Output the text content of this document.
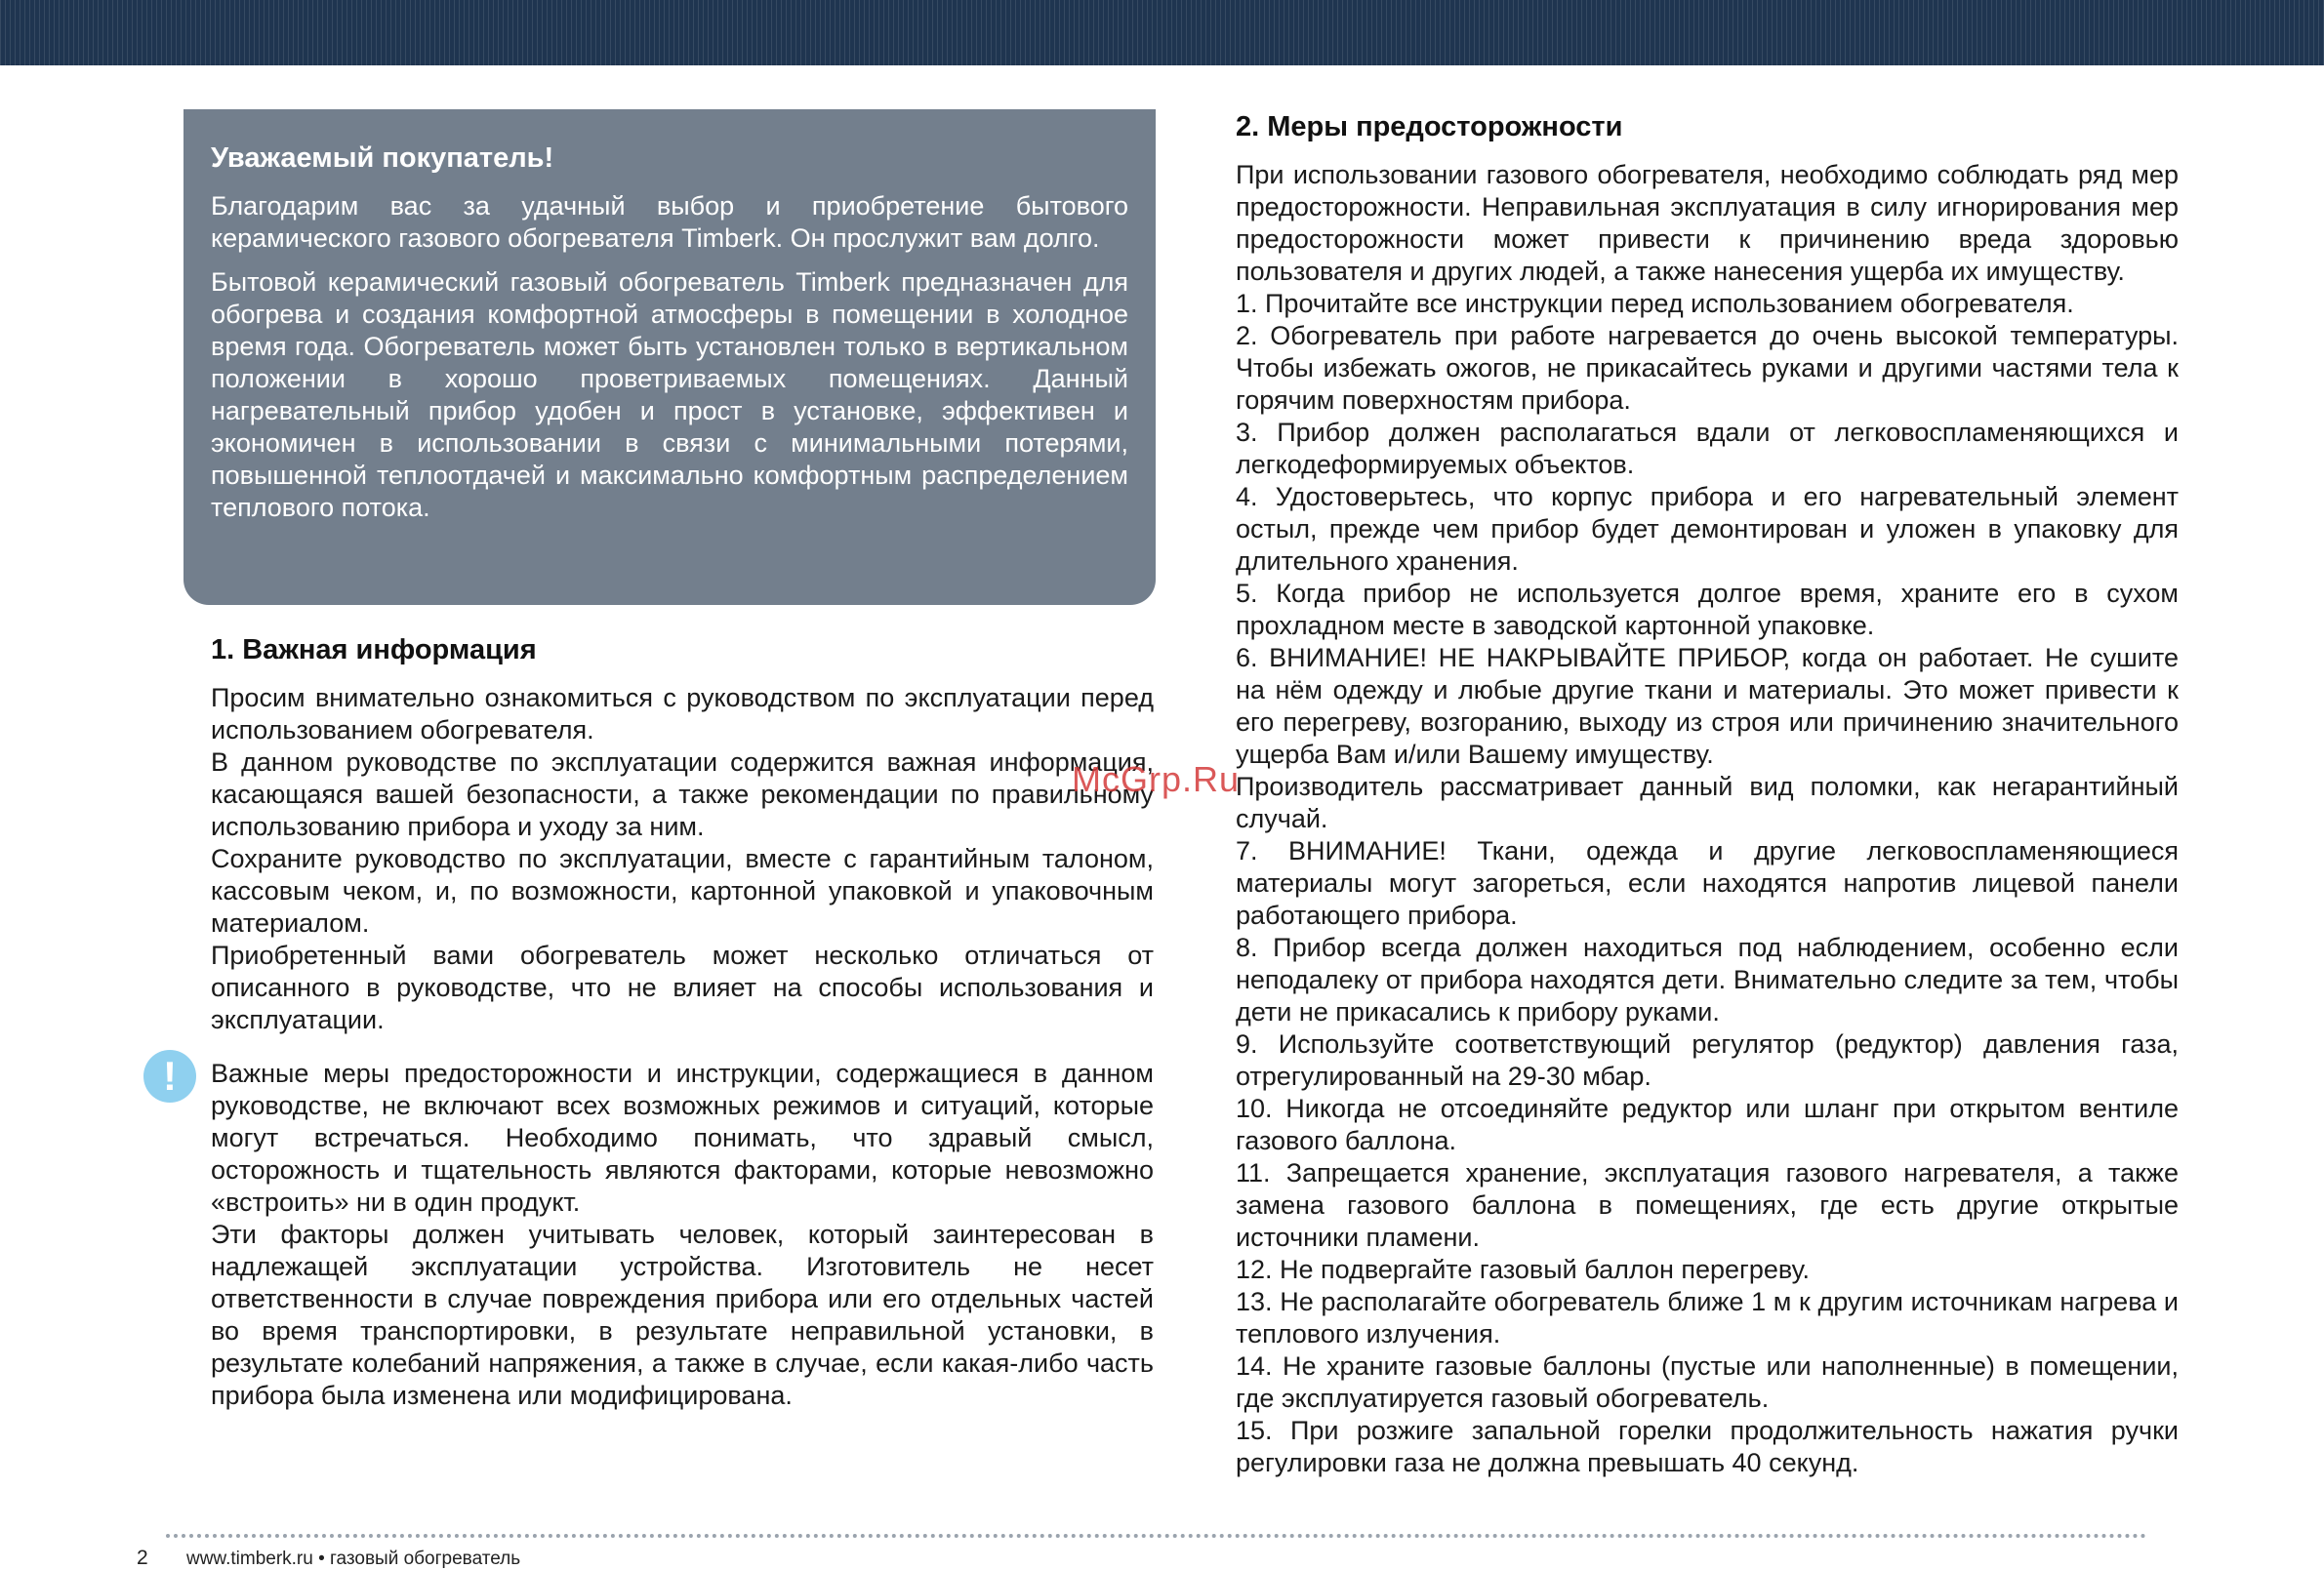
Уважаемый покупатель!

Благодарим вас за удачный выбор и приобретение бытового керамического газового обогревателя Timberk. Он прослужит вам долго.

Бытовой керамический газовый обогреватель Timberk предназначен для обогрева и создания комфортной атмосферы в помещении в холодное время года. Обогреватель может быть установлен только в вертикальном положении в хорошо проветриваемых помещениях. Данный нагревательный прибор удобен и прост в установке, эффективен и экономичен в использовании в связи с минимальными потерями, повышенной теплоотдачей и максимально комфортным распределением теплового потока.

1. Важная информация

Просим внимательно ознакомиться с руководством по эксплуатации перед использованием обогревателя.

В данном руководстве по эксплуатации содержится важная информация, касающаяся вашей безопасности, а также рекомендации по правильному использованию прибора и уходу за ним.

Сохраните руководство по эксплуатации, вместе с гарантийным талоном, кассовым чеком, и, по возможности, картонной упаковкой и упаковочным материалом.

Приобретенный вами обогреватель может несколько отличаться от описанного в руководстве, что не влияет на способы использования и эксплуатации.

!	Важные меры предосторожности и инструкции, содержащиеся в данном руководстве, не включают всех возможных режимов и ситуаций, которые могут встречаться. Необходимо понимать, что здравый смысл, осторожность и тщательность являются факторами, которые невозможно «встроить» ни в один продукт.

Эти факторы должен учитывать человек, который заинтересован в надлежащей эксплуатации устройства. Изготовитель не несет ответственности в случае повреждения прибора или его отдельных частей во время транспортировки, в результате неправильной установки, в результате колебаний напряжения, а также в случае, если какая-либо часть прибора была изменена или модифицирована.

2. Меры предосторожности

При использовании газового обогревателя, необходимо соблюдать ряд мер предосторожности. Неправильная эксплуатация в силу игнорирования мер предосторожности может привести к причинению вреда здоровью пользователя и других людей, а также нанесения ущерба их имуществу.

1. Прочитайте все инструкции перед использованием обогревателя.

2. Обогреватель при работе нагревается до очень высокой температуры. Чтобы избежать ожогов, не прикасайтесь руками и другими частями тела к горячим поверхностям прибора.

3. Прибор должен располагаться вдали от легковоспламеняющихся и легкодеформируемых объектов.

4. Удостоверьтесь, что корпус прибора и его нагревательный элемент остыл, прежде чем прибор будет демонтирован и уложен в упаковку для длительного хранения.

5. Когда прибор не используется долгое время, храните его в сухом прохладном месте в заводской картонной упаковке.

6. ВНИМАНИЕ! НЕ НАКРЫВАЙТЕ ПРИБОР, когда он работает. Не сушите на нём одежду и любые другие ткани и материалы. Это может привести к его перегреву, возгоранию, выходу из строя или причинению значительного ущерба Вам и/или Вашему имуществу.

Производитель рассматривает данный вид поломки, как негарантийный случай.

7. ВНИМАНИЕ! Ткани, одежда и другие легковоспламеняющиеся материалы могут загореться, если находятся напротив лицевой панели работающего прибора.

8. Прибор всегда должен находиться под наблюдением, особенно если неподалеку от прибора находятся дети. Внимательно следите за тем, чтобы дети не прикасались к прибору руками.

9. Используйте соответствующий регулятор (редуктор) давления газа, отрегулированный на 29-30 мбар.

10. Никогда не отсоединяйте редуктор или шланг при открытом вентиле газового баллона.

11. Запрещается хранение, эксплуатация газового нагревателя, а также замена газового баллона в помещениях, где есть другие открытые источники пламени.

12. Не подвергайте газовый баллон перегреву.

13. Не располагайте обогреватель ближе 1 м к другим источникам нагрева и теплового излучения.

14. Не храните газовые баллоны (пустые или наполненные) в помещении, где эксплуатируется газовый обогреватель.

15. При розжиге запальной горелки продолжительность нажатия ручки регулировки газа не должна превышать 40 секунд.

McGrp.Ru
2 www.timberk.ru • газовый обогреватель
